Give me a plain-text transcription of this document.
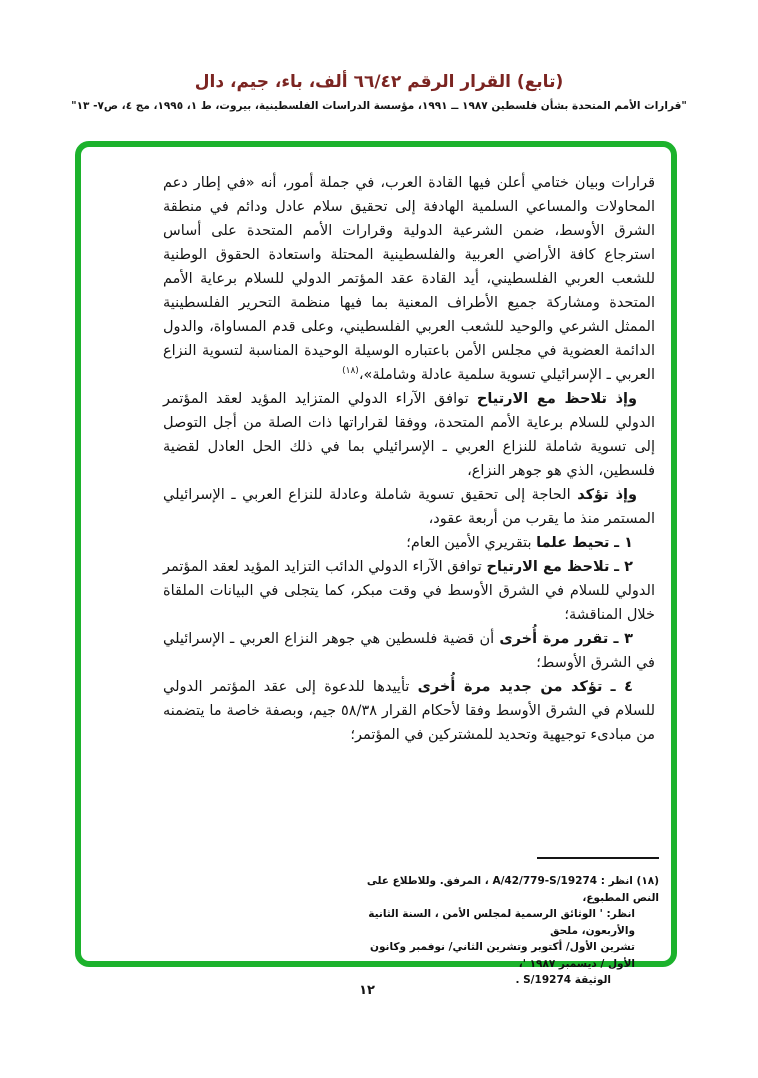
(تابع) القرار الرقم ٦٦/٤٢ ألف، باء، جيم، دال
"قرارات الأمم المتحدة بشأن فلسطين ١٩٨٧ ــ ١٩٩١، مؤسسة الدراسات الفلسطينية، بيروت، ط ١، ١٩٩٥، مج ٤، ص٧- ١٣"

قرارات وبيان ختامي أعلن فيها القادة العرب، في جملة أمور، أنه «في إطار دعم المحاولات والمساعي السلمية الهادفة إلى تحقيق سلام عادل ودائم في منطقة الشرق الأوسط، ضمن الشرعية الدولية وقرارات الأمم المتحدة على أساس استرجاع كافة الأراضي العربية والفلسطينية المحتلة واستعادة الحقوق الوطنية للشعب العربي الفلسطيني، أيد القادة عقد المؤتمر الدولي للسلام برعاية الأمم المتحدة ومشاركة جميع الأطراف المعنية بما فيها منظمة التحرير الفلسطينية الممثل الشرعي والوحيد للشعب العربي الفلسطيني، وعلى قدم المساواة، والدول الدائمة العضوية في مجلس الأمن باعتباره الوسيلة الوحيدة المناسبة لتسوية النزاع العربي ـ الإسرائيلي تسوية سلمية عادلة وشاملة»،$^{(١٨)}$

وإذ تلاحظ مع الارتياح توافق الآراء الدولي المتزايد المؤيد لعقد المؤتمر الدولي للسلام برعاية الأمم المتحدة، ووفقا لقراراتها ذات الصلة من أجل التوصل إلى تسوية شاملة للنزاع العربي ـ الإسرائيلي بما في ذلك الحل العادل لقضية فلسطين، الذي هو جوهر النزاع،

وإذ تؤكد الحاجة إلى تحقيق تسوية شاملة وعادلة للنزاع العربي ـ الإسرائيلي المستمر منذ ما يقرب من أربعة عقود،

١ ـ تحيط علما بتقريري الأمين العام؛

٢ ـ تلاحظ مع الارتياح توافق الآراء الدولي الدائب التزايد المؤيد لعقد المؤتمر الدولي للسلام في الشرق الأوسط في وقت مبكر، كما يتجلى في البيانات الملقاة خلال المناقشة؛

٣ ـ تقرر مرة أُخرى أن قضية فلسطين هي جوهر النزاع العربي ـ الإسرائيلي في الشرق الأوسط؛

٤ ـ تؤكد من جديد مرة أُخرى تأييدها للدعوة إلى عقد المؤتمر الدولي للسلام في الشرق الأوسط وفقا لأحكام القرار ٥٨/٣٨ جيم، وبصفة خاصة ما يتضمنه من مبادىء توجيهية وتحديد للمشتركين في المؤتمر؛

(١٨) انظر : A/42/779-S/19274 ، المرفق. وللاطلاع على النص المطبوع،
انظر: ' الوثائق الرسمية لمجلس الأمن ، السنة الثانية والأربعون، ملحق
تشرين الأول/ أكتوبر وتشرين الثاني/ نوفمبر وكانون الأول / ديسمبر ١٩٨٧ '،
الوثيقة S/19274 .
١٢
